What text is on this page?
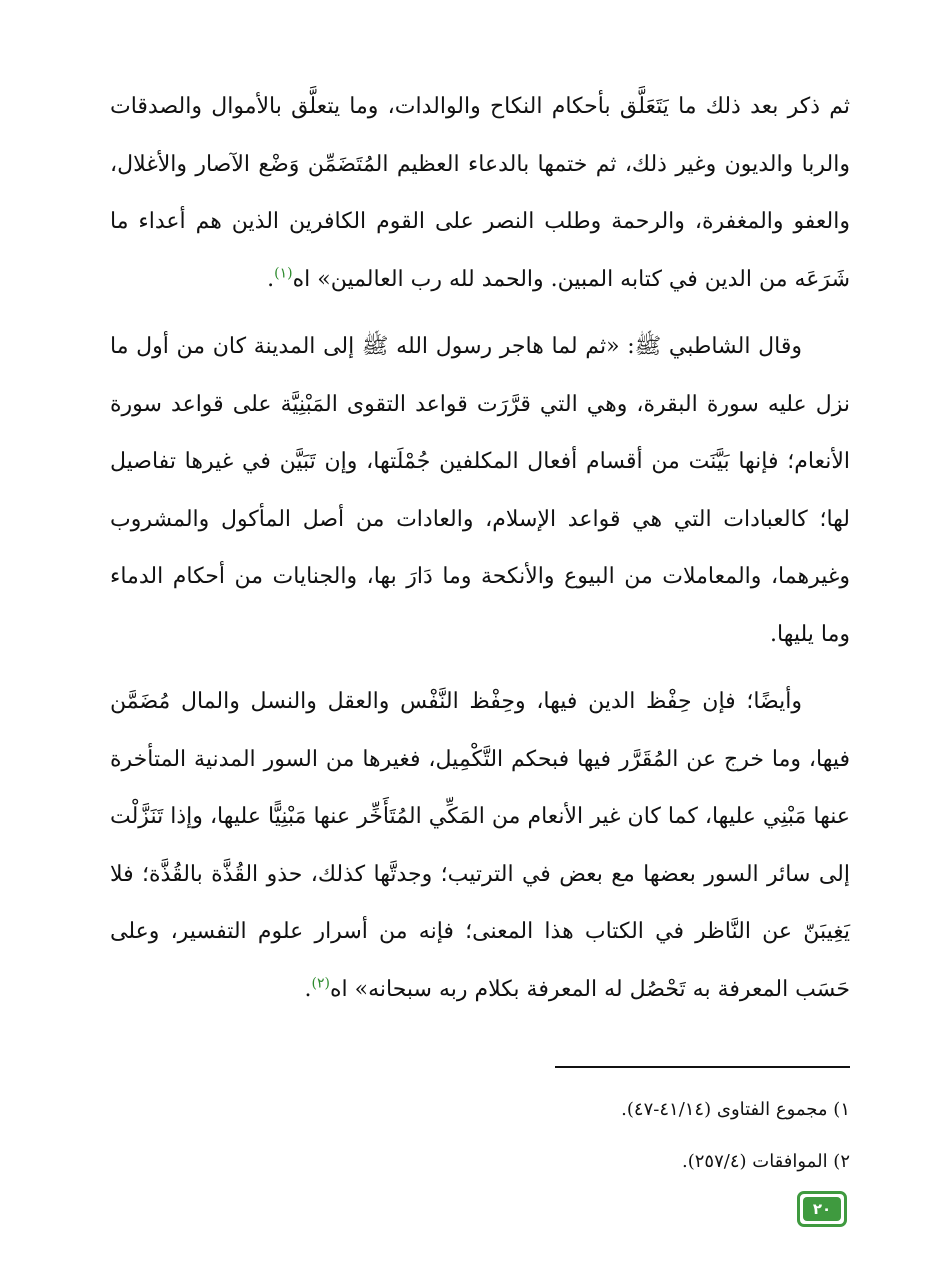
ثم ذكر بعد ذلك ما يَتَعَلَّق بأحكام النكاح والوالدات، وما يتعلَّق بالأموال والصدقات والربا والديون وغير ذلك، ثم ختمها بالدعاء العظيم المُتَضَمِّن وَضْع الآصار والأغلال، والعفو والمغفرة، والرحمة وطلب النصر على القوم الكافرين الذين هم أعداء ما شَرَعَه من الدين في كتابه المبين. والحمد لله رب العالمين» اه$^{(١)}$.

وقال الشاطبي ﷺ: «ثم لما هاجر رسول الله ﷺ إلى المدينة كان من أول ما نزل عليه سورة البقرة، وهي التي قرَّرَت قواعد التقوى المَبْنِيَّة على قواعد سورة الأنعام؛ فإنها بَيَّنَت من أقسام أفعال المكلفين جُمْلَتها، وإن تَبَيَّن في غيرها تفاصيل لها؛ كالعبادات التي هي قواعد الإسلام، والعادات من أصل المأكول والمشروب وغيرهما، والمعاملات من البيوع والأنكحة وما دَارَ بها، والجنايات من أحكام الدماء وما يليها.

وأيضًا؛ فإن حِفْظ الدين فيها، وحِفْظ النَّفْس والعقل والنسل والمال مُضَمَّن فيها، وما خرج عن المُقَرَّر فيها فبحكم التَّكْمِيل، فغيرها من السور المدنية المتأخرة عنها مَبْنِي عليها، كما كان غير الأنعام من المَكِّي المُتَأَخِّر عنها مَبْنِيًّا عليها، وإذا تَنَزَّلْت إلى سائر السور بعضها مع بعض في الترتيب؛ وجدتَّها كذلك، حذو القُذَّة بالقُذَّة؛ فلا يَغِيبَنّ عن النَّاظر في الكتاب هذا المعنى؛ فإنه من أسرار علوم التفسير، وعلى حَسَب المعرفة به تَحْصُل له المعرفة بكلام ربه سبحانه» اه$^{(٢)}$.

١) مجموع الفتاوى (٤١/١٤-٤٧).

٢) الموافقات (٢٥٧/٤).

٢٠
